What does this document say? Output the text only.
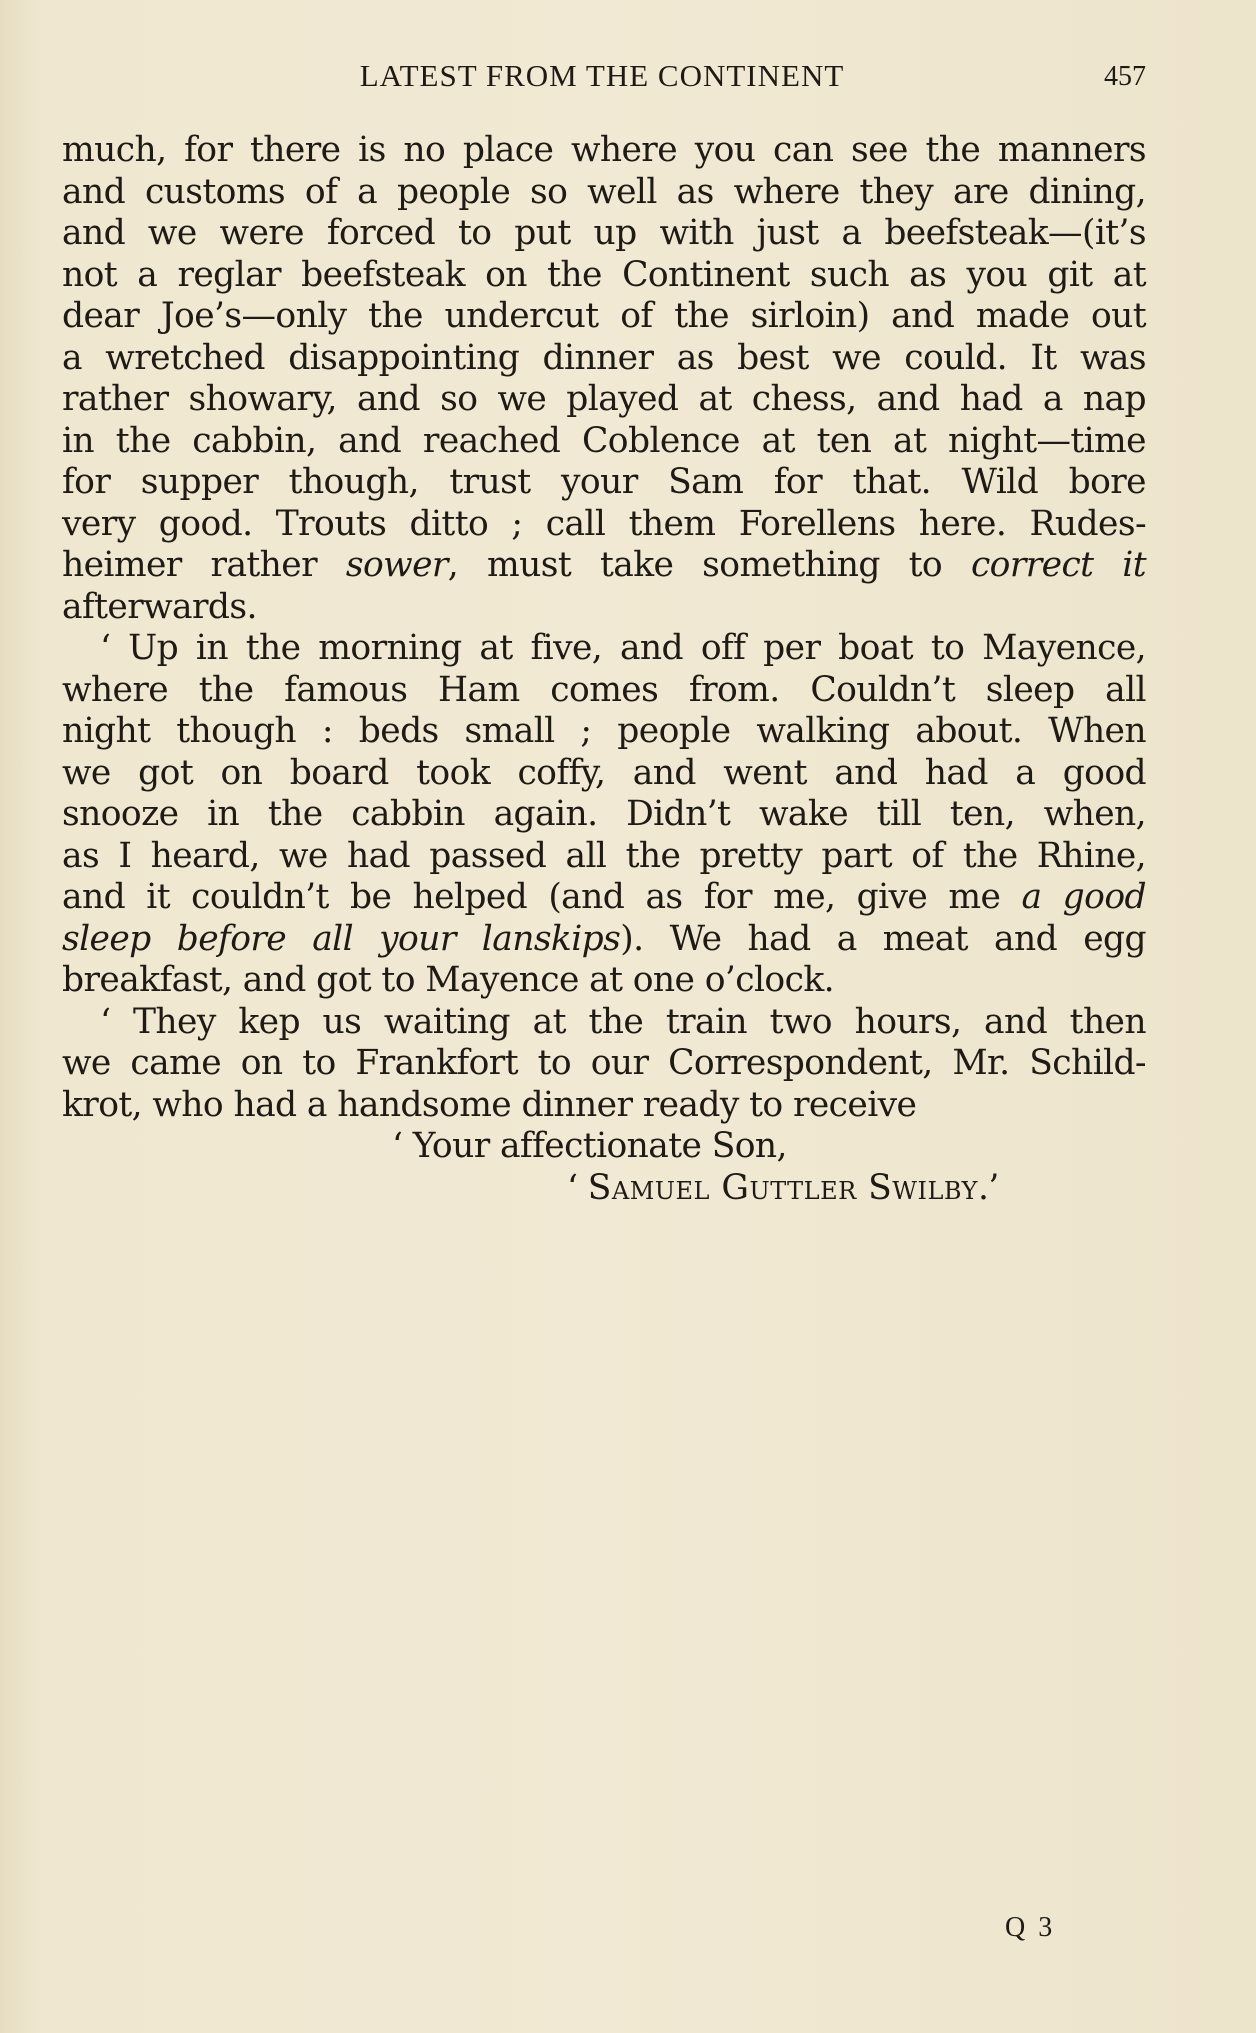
LATEST FROM THE CONTINENT	457
much, for there is no place where you can see the manners
and customs of a people so well as where they are dining,
and we were forced to put up with just a beefsteak—(it’s
not a reglar beefsteak on the Continent such as you git at
dear Joe’s—only the undercut of the sirloin) and made out
a wretched disappointing dinner as best we could. It was
rather showary, and so we played at chess, and had a nap
in the cabbin, and reached Coblence at ten at night—time
for supper though, trust your Sam for that. Wild bore
very good. Trouts ditto ; call them Forellens here. Rudes-
heimer rather sower, must take something to correct it
afterwards.
‘ Up in the morning at five, and off per boat to Mayence,
where the famous Ham comes from. Couldn’t sleep all
night though : beds small ; people walking about. When
we got on board took coffy, and went and had a good
snooze in the cabbin again. Didn’t wake till ten, when,
as I heard, we had passed all the pretty part of the Rhine,
and it couldn’t be helped (and as for me, give me a good
sleep before all your lanskips). We had a meat and egg
breakfast, and got to Mayence at one o’clock.
‘ They kep us waiting at the train two hours, and then
we came on to Frankfort to our Correspondent, Mr. Schild-
krot, who had a handsome dinner ready to receive
‘ Your affectionate Son,
‘ Samuel Guttler Swilby.’
Q 3
